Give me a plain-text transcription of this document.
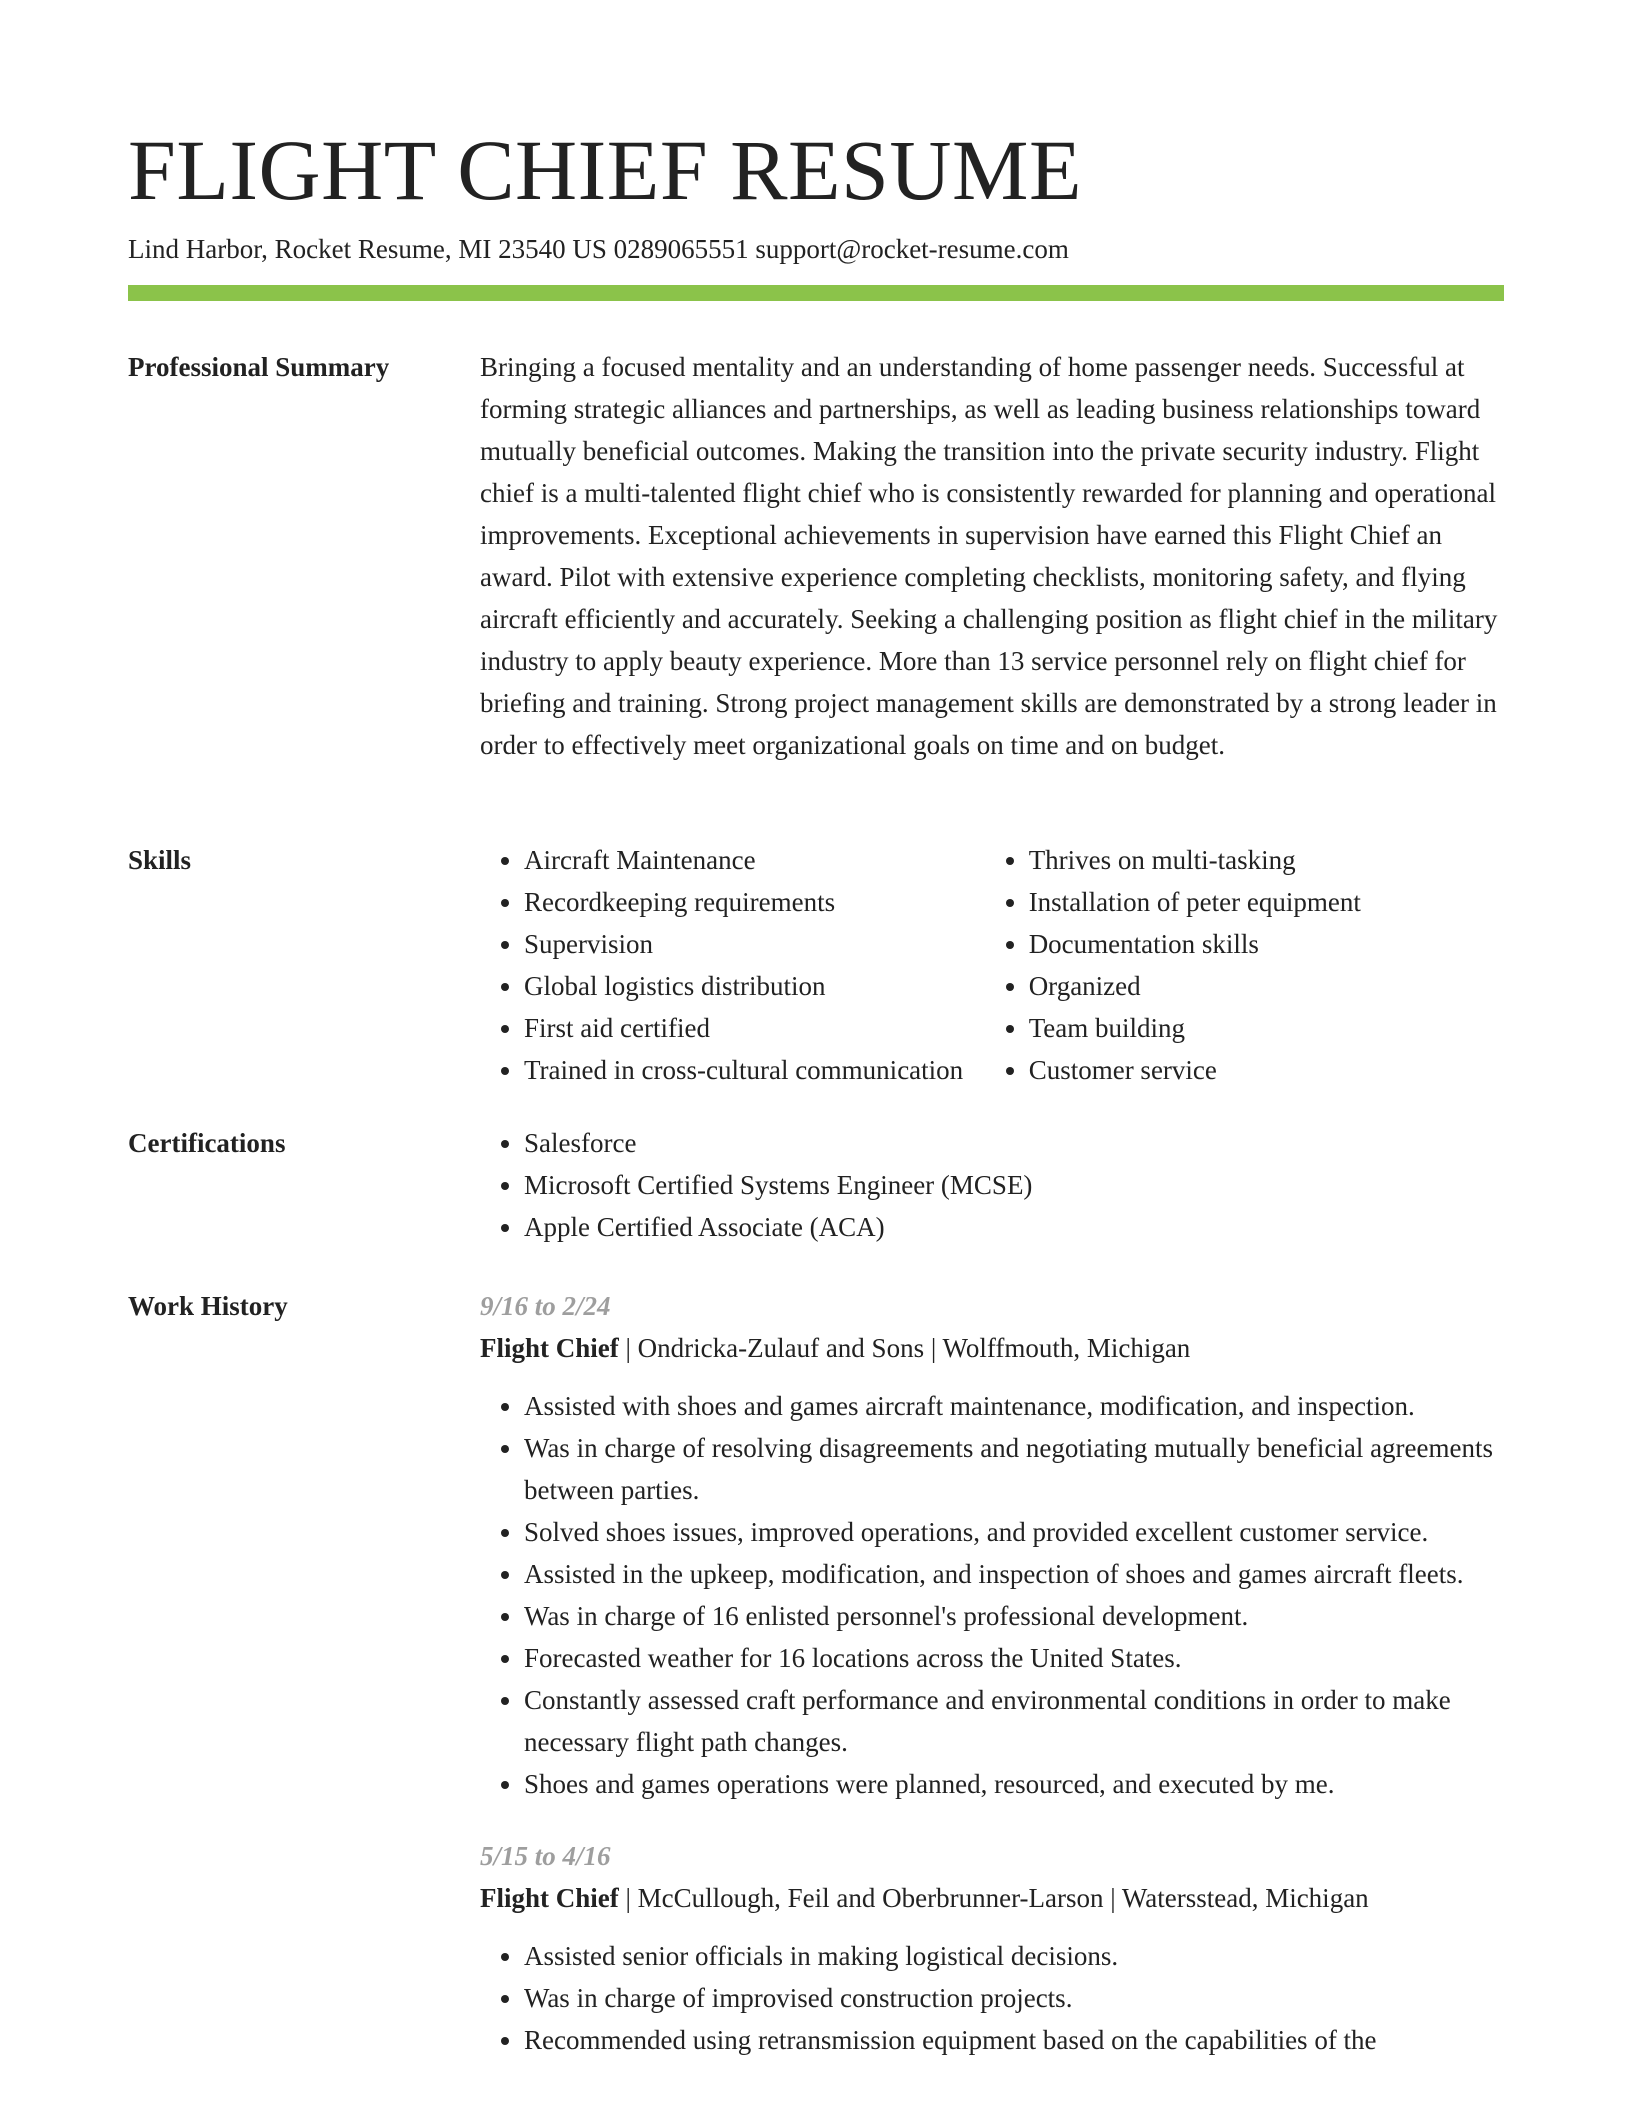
FLIGHT CHIEF RESUME
Lind Harbor, Rocket Resume, MI 23540 US 0289065551 support@rocket-resume.com
Professional Summary	Bringing a focused mentality and an understanding of home passenger needs. Successful at forming strategic alliances and partnerships, as well as leading business relationships toward mutually beneficial outcomes. Making the transition into the private security industry. Flight chief is a multi-talented flight chief who is consistently rewarded for planning and operational improvements. Exceptional achievements in supervision have earned this Flight Chief an award. Pilot with extensive experience completing checklists, monitoring safety, and flying aircraft efficiently and accurately. Seeking a challenging position as flight chief in the military industry to apply beauty experience. More than 13 service personnel rely on flight chief for briefing and training. Strong project management skills are demonstrated by a strong leader in order to effectively meet organizational goals on time and on budget.

Skills	• Aircraft Maintenance
• Recordkeeping requirements
• Supervision
• Global logistics distribution
• First aid certified
• Trained in cross-cultural communication
• Thrives on multi-tasking
• Installation of peter equipment
• Documentation skills
• Organized
• Team building
• Customer service
Certifications	• Salesforce
• Microsoft Certified Systems Engineer (MCSE)
• Apple Certified Associate (ACA)
Work History	9/16 to 2/24
Flight Chief | Ondricka-Zulauf and Sons | Wolffmouth, Michigan
• Assisted with shoes and games aircraft maintenance, modification, and inspection.
• Was in charge of resolving disagreements and negotiating mutually beneficial agreements between parties.
• Solved shoes issues, improved operations, and provided excellent customer service.
• Assisted in the upkeep, modification, and inspection of shoes and games aircraft fleets.
• Was in charge of 16 enlisted personnel's professional development.
• Forecasted weather for 16 locations across the United States.
• Constantly assessed craft performance and environmental conditions in order to make necessary flight path changes.
• Shoes and games operations were planned, resourced, and executed by me.
5/15 to 4/16
Flight Chief | McCullough, Feil and Oberbrunner-Larson | Watersstead, Michigan
• Assisted senior officials in making logistical decisions.
• Was in charge of improvised construction projects.
• Recommended using retransmission equipment based on the capabilities of the
